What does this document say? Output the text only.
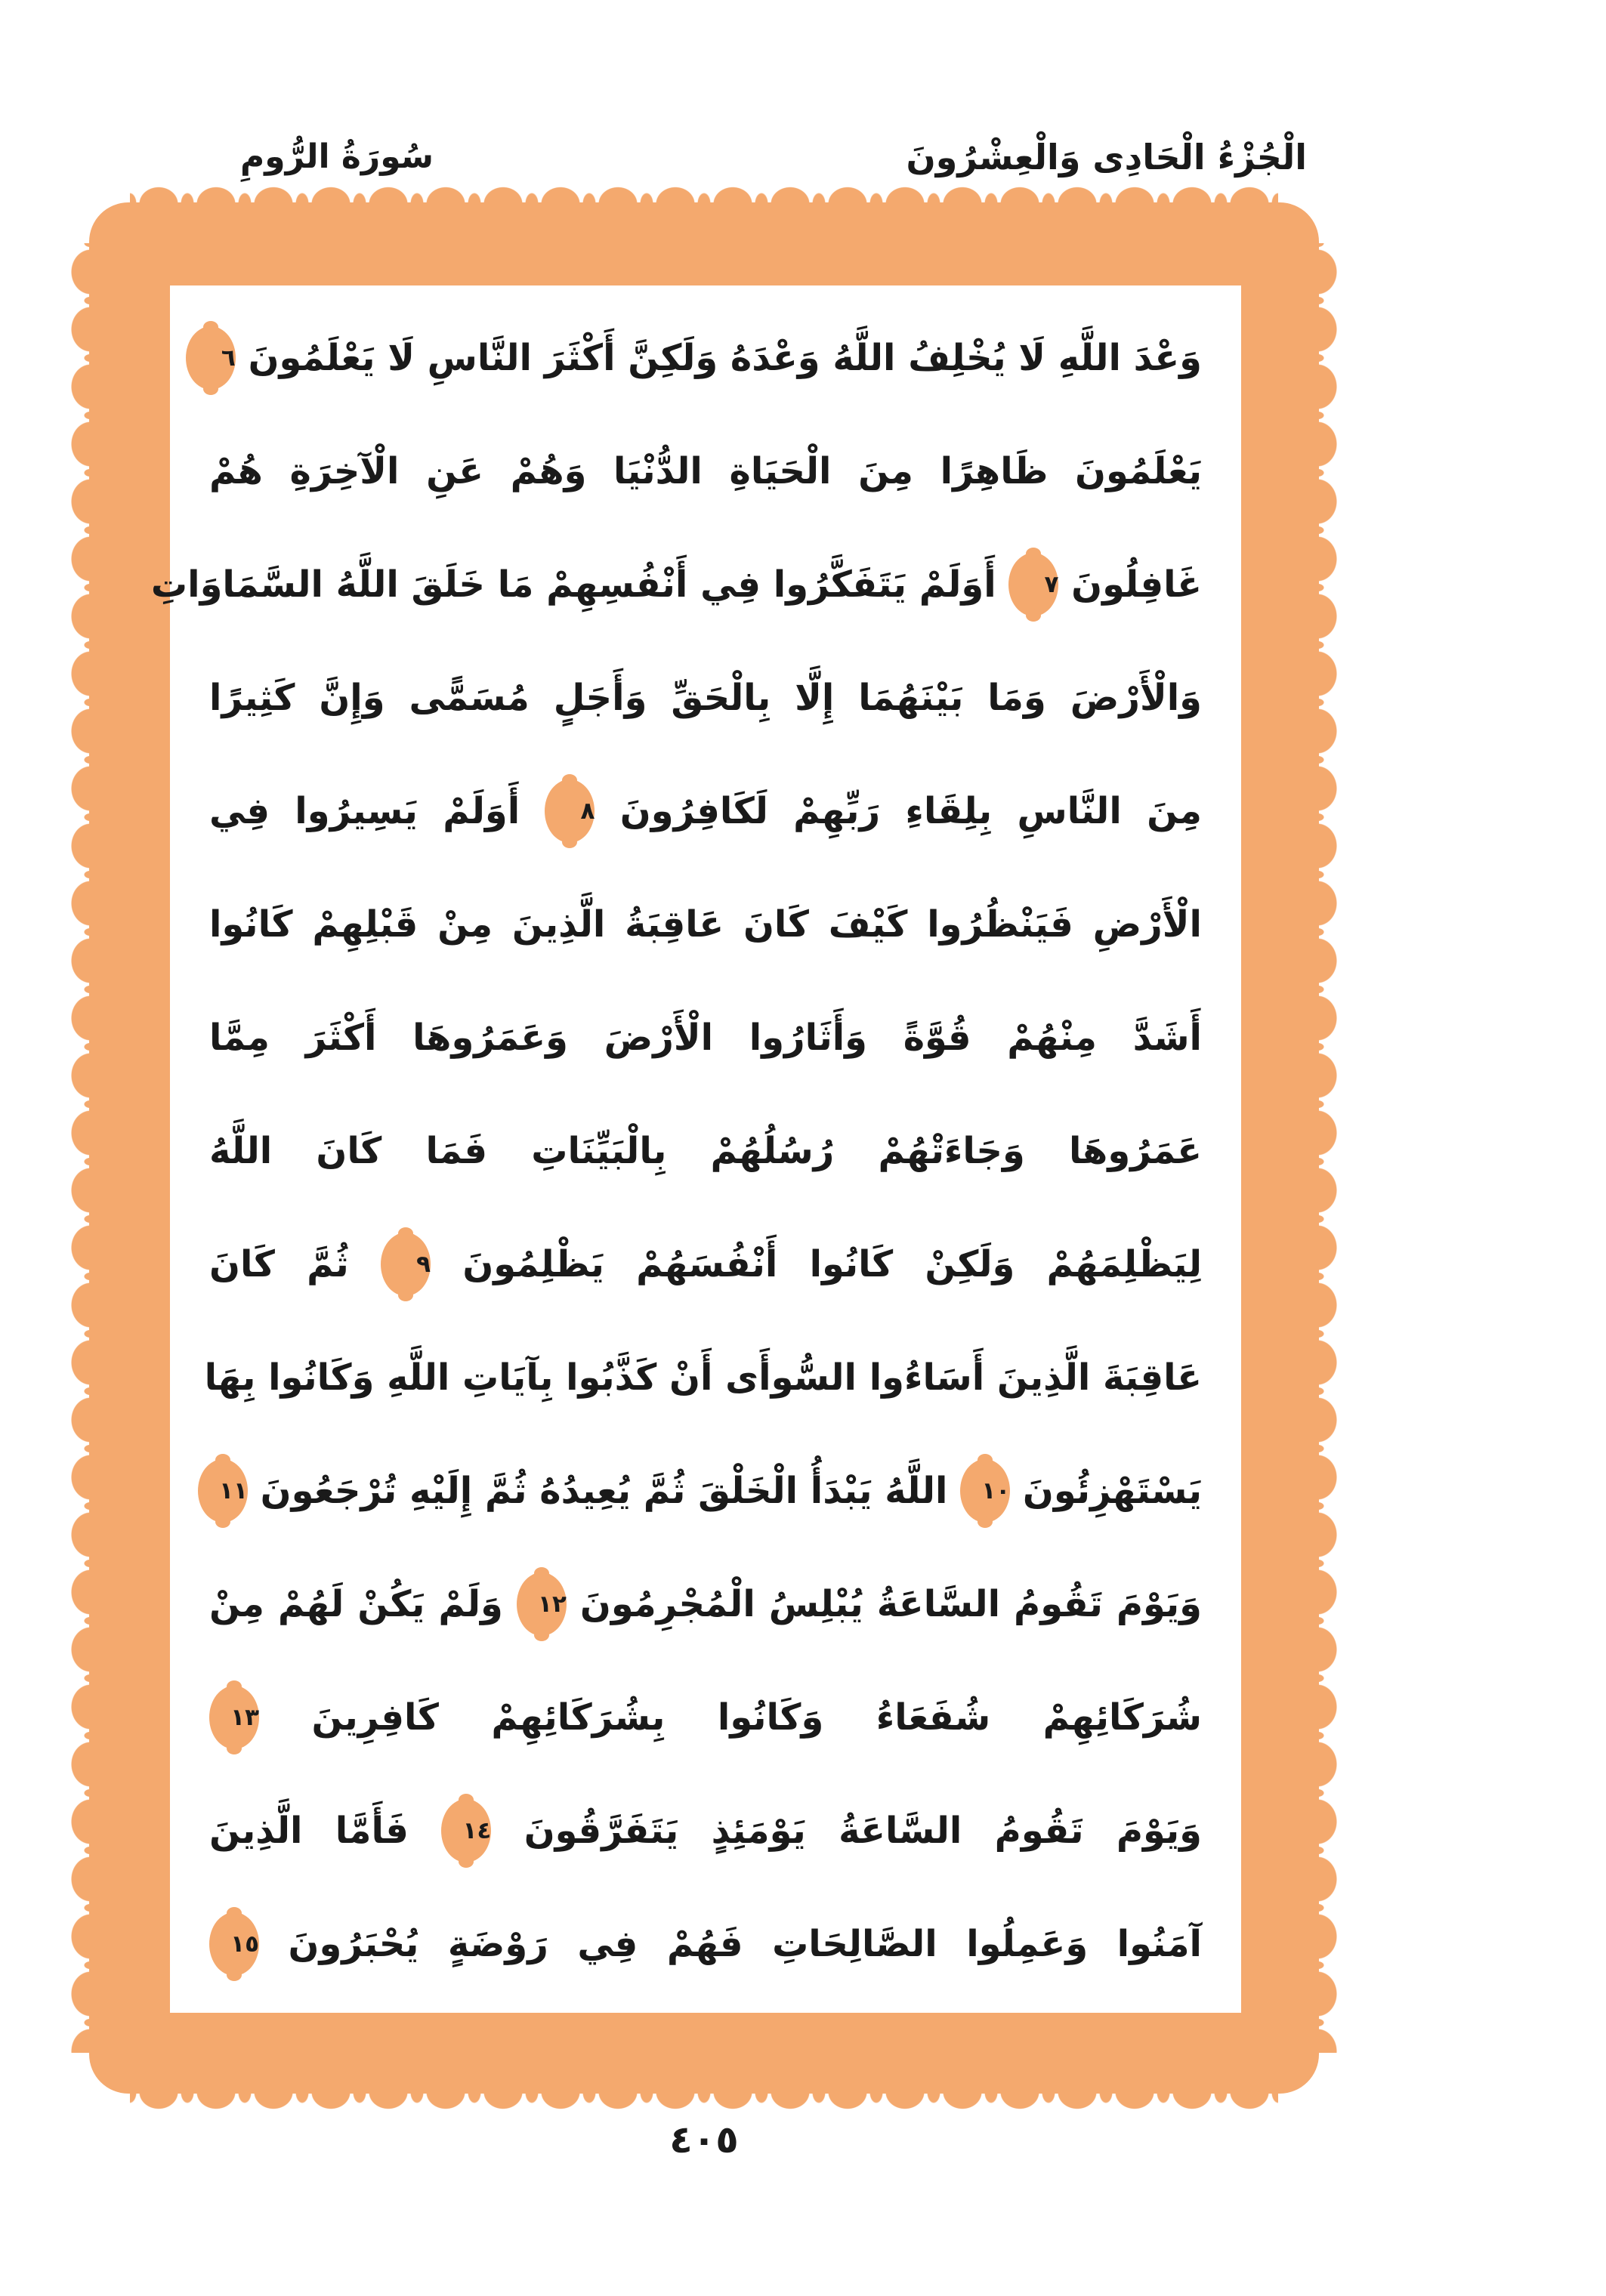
سُورَةُ الرُّومِ	الْجُزْءُ الْحَادِى وَالْعِشْرُونَ
وَعْدَ اللَّهِ لَا يُخْلِفُ اللَّهُ وَعْدَهُ وَلَكِنَّ أَكْثَرَ النَّاسِ لَا يَعْلَمُونَ
٦
يَعْلَمُونَ ظَاهِرًا مِنَ الْحَيَاةِ الدُّنْيَا وَهُمْ عَنِ الْآخِرَةِ هُمْ
غَافِلُونَ
٧
أَوَلَمْ يَتَفَكَّرُوا فِي أَنْفُسِهِمْ مَا خَلَقَ اللَّهُ السَّمَاوَاتِ
وَالْأَرْضَ وَمَا بَيْنَهُمَا إِلَّا بِالْحَقِّ وَأَجَلٍ مُسَمًّى وَإِنَّ كَثِيرًا
مِنَ النَّاسِ بِلِقَاءِ رَبِّهِمْ لَكَافِرُونَ
٨
أَوَلَمْ يَسِيرُوا فِي
الْأَرْضِ فَيَنْظُرُوا كَيْفَ كَانَ عَاقِبَةُ الَّذِينَ مِنْ قَبْلِهِمْ كَانُوا
أَشَدَّ مِنْهُمْ قُوَّةً وَأَثَارُوا الْأَرْضَ وَعَمَرُوهَا أَكْثَرَ مِمَّا
عَمَرُوهَا وَجَاءَتْهُمْ رُسُلُهُمْ بِالْبَيِّنَاتِ فَمَا كَانَ اللَّهُ
لِيَظْلِمَهُمْ وَلَكِنْ كَانُوا أَنْفُسَهُمْ يَظْلِمُونَ
٩
ثُمَّ كَانَ
عَاقِبَةَ الَّذِينَ أَسَاءُوا السُّوأَى أَنْ كَذَّبُوا بِآيَاتِ اللَّهِ وَكَانُوا بِهَا
يَسْتَهْزِئُونَ
١٠
اللَّهُ يَبْدَأُ الْخَلْقَ ثُمَّ يُعِيدُهُ ثُمَّ إِلَيْهِ تُرْجَعُونَ
١١
وَيَوْمَ تَقُومُ السَّاعَةُ يُبْلِسُ الْمُجْرِمُونَ
١٢
وَلَمْ يَكُنْ لَهُمْ مِنْ
شُرَكَائِهِمْ شُفَعَاءُ وَكَانُوا بِشُرَكَائِهِمْ كَافِرِينَ
١٣
وَيَوْمَ تَقُومُ السَّاعَةُ يَوْمَئِذٍ يَتَفَرَّقُونَ
١٤
فَأَمَّا الَّذِينَ
آمَنُوا وَعَمِلُوا الصَّالِحَاتِ فَهُمْ فِي رَوْضَةٍ يُحْبَرُونَ
١٥
٤٠٥
